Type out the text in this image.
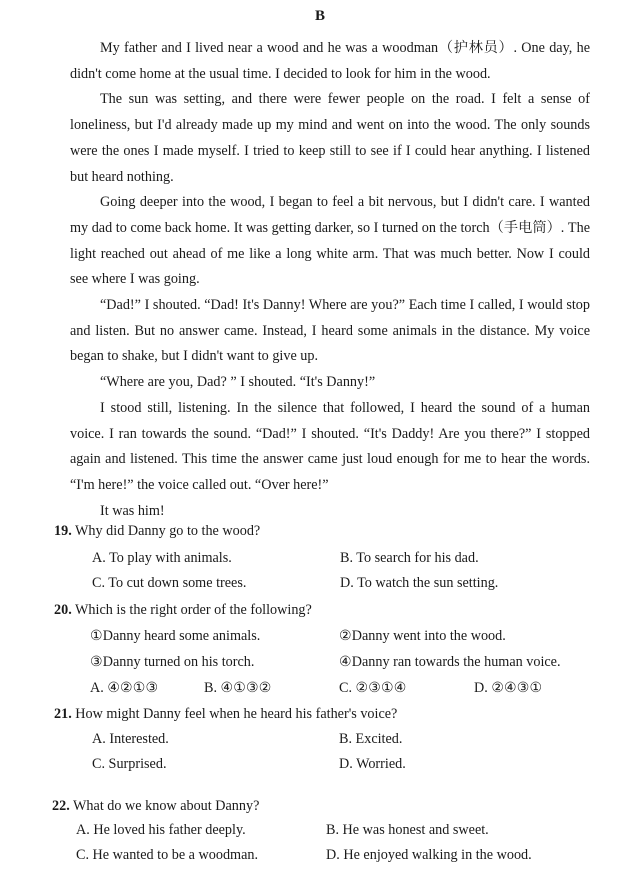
B

My father and I lived near a wood and he was a woodman（护林员）. One day, he didn't come home at the usual time. I decided to look for him in the wood.

The sun was setting, and there were fewer people on the road. I felt a sense of loneliness, but I'd already made up my mind and went on into the wood. The only sounds were the ones I made myself. I tried to keep still to see if I could hear anything. I listened but heard nothing.

Going deeper into the wood, I began to feel a bit nervous, but I didn't care. I wanted my dad to come back home. It was getting darker, so I turned on the torch（手电筒）. The light reached out ahead of me like a long white arm. That was much better. Now I could see where I was going.

“Dad!” I shouted. “Dad! It's Danny! Where are you?” Each time I called, I would stop and listen. But no answer came. Instead, I heard some animals in the distance. My voice began to shake, but I didn't want to give up.

“Where are you, Dad? ” I shouted. “It's Danny!”

I stood still, listening. In the silence that followed, I heard the sound of a human voice. I ran towards the sound. “Dad!” I shouted. “It's Daddy! Are you there?” I stopped again and listened. This time the answer came just loud enough for me to hear the words. “I'm here!” the voice called out. “Over here!”

It was him!

19. Why did Danny go to the wood?
A. To play with animals.	B. To search for his dad.
C. To cut down some trees.	D. To watch the sun setting.
20. Which is the right order of the following?
①Danny heard some animals.	②Danny went into the wood.
③Danny turned on his torch.	④Danny ran towards the human voice.
A. ④②①③	B. ④①③②	C. ②③①④	D. ②④③①
21. How might Danny feel when he heard his father's voice?
A. Interested.	B. Excited.
C. Surprised.	D. Worried.
22. What do we know about Danny?
A. He loved his father deeply.	B. He was honest and sweet.
C. He wanted to be a woodman.	D. He enjoyed walking in the wood.
